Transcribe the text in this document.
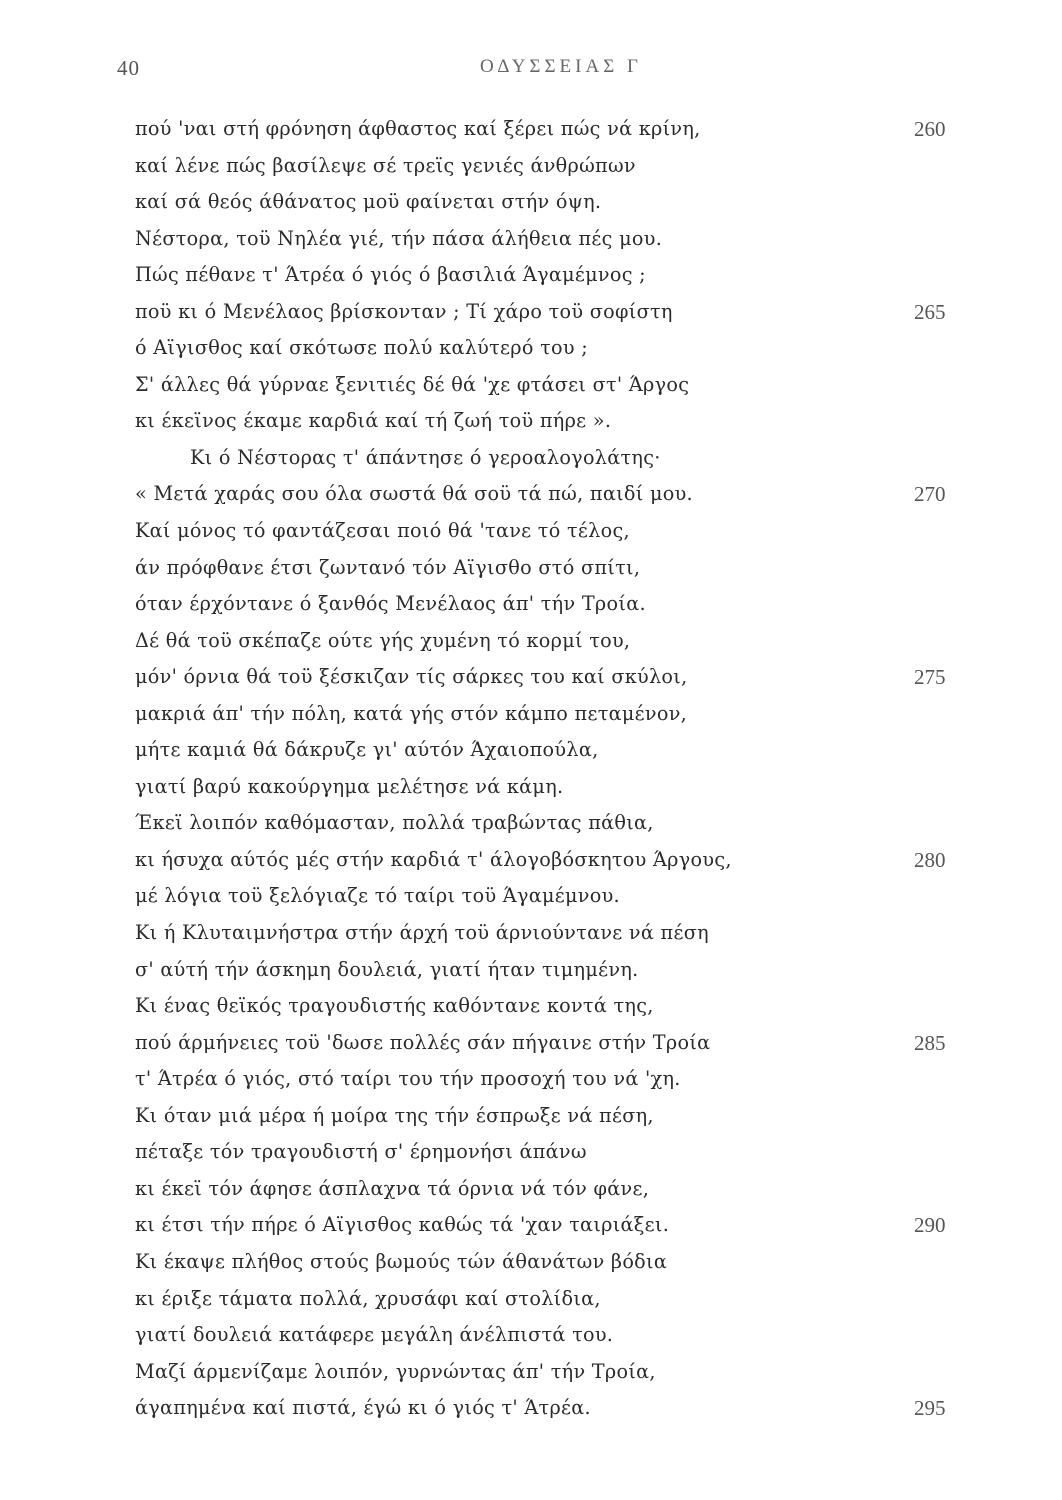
40	ΟΔΥΣΣΕΙΑΣ Γ
πού 'ναι στή φρόνηση άφθαστος καί ξέρει πώς νά κρίνη,	260
καί λένε πώς βασίλεψε σέ τρεϊς γενιές άνθρώπων
καί σά θεός άθάνατος μοϋ φαίνεται στήν όψη.
Νέστορα, τοϋ Νηλέα γιέ, τήν πάσα άλήθεια πές μου.
Πώς πέθανε τ' Άτρέα ό γιός ό βασιλιά Άγαμέμνος ;
ποϋ κι ό Μενέλαος βρίσκονταν ; Τί χάρο τοϋ σοφίστη	265
ό Αϊγισθος καί σκότωσε πολύ καλύτερό του ;
Σ' άλλες θά γύρναε ξενιτιές δέ θά 'χε φτάσει στ' Άργος
κι έκεϊνος έκαμε καρδιά καί τή ζωή τοϋ πήρε ».
Κι ό Νέστορας τ' άπάντησε ό γεροαλογολάτης·
« Μετά χαράς σου όλα σωστά θά σοϋ τά πώ, παιδί μου.	270
Καί μόνος τό φαντάζεσαι ποιό θά 'τανε τό τέλος,
άν πρόφθανε έτσι ζωντανό τόν Αϊγισθο στό σπίτι,
όταν έρχόντανε ό ξανθός Μενέλαος άπ' τήν Τροία.
Δέ θά τοϋ σκέπαζε ούτε γής χυμένη τό κορμί του,
μόν' όρνια θά τοϋ ξέσκιζαν τίς σάρκες του καί σκύλοι,	275
μακριά άπ' τήν πόλη, κατά γής στόν κάμπο πεταμένον,
μήτε καμιά θά δάκρυζε γι' αύτόν Άχαιοπούλα,
γιατί βαρύ κακούργημα μελέτησε νά κάμη.
Έκεϊ λοιπόν καθόμασταν, πολλά τραβώντας πάθια,
κι ήσυχα αύτός μές στήν καρδιά τ' άλογοβόσκητου Άργους,	280
μέ λόγια τοϋ ξελόγιαζε τό ταίρι τοϋ Άγαμέμνου.
Κι ή Κλυταιμνήστρα στήν άρχή τοϋ άρνιούντανε νά πέση
σ' αύτή τήν άσκημη δουλειά, γιατί ήταν τιμημένη.
Κι ένας θεϊκός τραγουδιστής καθόντανε κοντά της,
πού άρμήνειες τοϋ 'δωσε πολλές σάν πήγαινε στήν Τροία	285
τ' Άτρέα ό γιός, στό ταίρι του τήν προσοχή του νά 'χη.
Κι όταν μιά μέρα ή μοίρα της τήν έσπρωξε νά πέση,
πέταξε τόν τραγουδιστή σ' έρημονήσι άπάνω
κι έκεϊ τόν άφησε άσπλαχνα τά όρνια νά τόν φάνε,
κι έτσι τήν πήρε ό Αϊγισθος καθώς τά 'χαν ταιριάξει.	290
Κι έκαψε πλήθος στούς βωμούς τών άθανάτων βόδια
κι έριξε τάματα πολλά, χρυσάφι καί στολίδια,
γιατί δουλειά κατάφερε μεγάλη άνέλπιστά του.
Μαζί άρμενίζαμε λοιπόν, γυρνώντας άπ' τήν Τροία,
άγαπημένα καί πιστά, έγώ κι ό γιός τ' Άτρέα.	295
